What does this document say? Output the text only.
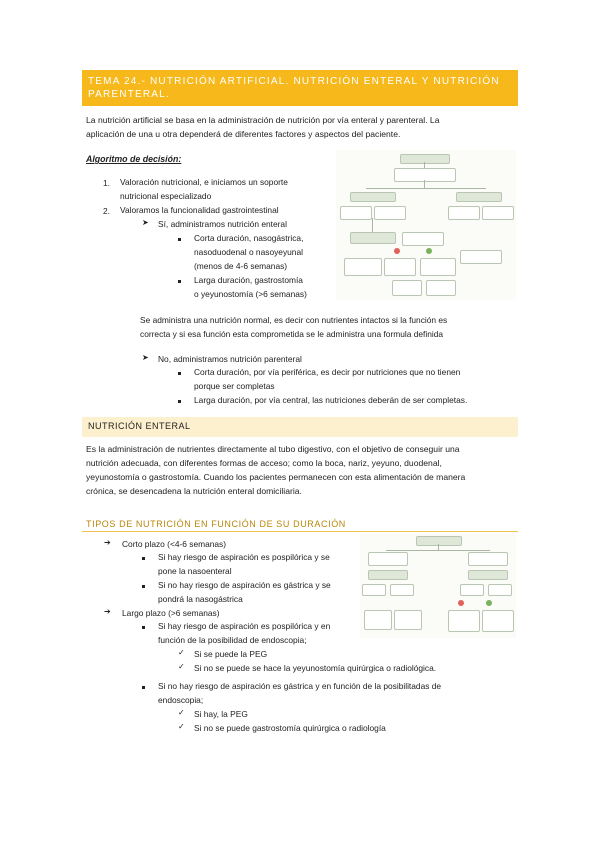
TEMA 24.- NUTRICIÓN ARTIFICIAL. NUTRICIÓN ENTERAL Y NUTRICIÓN
PARENTERAL.
La nutrición artificial se basa en la administración de nutrición por vía enteral y parenteral. La
aplicación de una u otra dependerá de diferentes factores y aspectos del paciente.
Algoritmo de decisión:
1. Valoración nutricional, e iniciamos un soporte
nutricional especializado
2. Valoramos la funcionalidad gastrointestinal
➤ Sí, administramos nutrición enteral
Corta duración, nasogástrica,
nasoduodenal o nasoyeyunal
(menos de 4-6 semanas)
Larga duración, gastrostomía
o yeyunostomía (>6 semanas)
Se administra una nutrición normal, es decir con nutrientes intactos si la función es
correcta y si esa función esta comprometida se le administra una formula definida
➤ No, administramos nutrición parenteral
Corta duración, por vía periférica, es decir por nutriciones que no tienen
porque ser completas
Larga duración, por vía central, las nutriciones deberán de ser completas.
NUTRICIÓN ENTERAL
Es la administración de nutrientes directamente al tubo digestivo, con el objetivo de conseguir una
nutrición adecuada, con diferentes formas de acceso; como la boca, nariz, yeyuno, duodenal,
yeyunostomía o gastrostomía. Cuando los pacientes permanecen con esta alimentación de manera
crónica, se desencadena la nutrición enteral domiciliaria.
TIPOS DE NUTRICIÓN EN FUNCIÓN DE SU DURACIÓN
➔ Corto plazo (<4-6 semanas)
Si hay riesgo de aspiración es pospilórica y se
pone la nasoenteral
Si no hay riesgo de aspiración es gástrica y se
pondrá la nasogástrica
➔ Largo plazo (>6 semanas)
Si hay riesgo de aspiración es pospilórica y en
función de la posibilidad de endoscopia;
✓ Si se puede la PEG
✓ Si no se puede se hace la yeyunostomía quirúrgica o radiológica.
Si no hay riesgo de aspiración es gástrica y en función de la posibilitadas de
endoscopia;
✓ Si hay, la PEG
✓ Si no se puede gastrostomía quirúrgica o radiología
